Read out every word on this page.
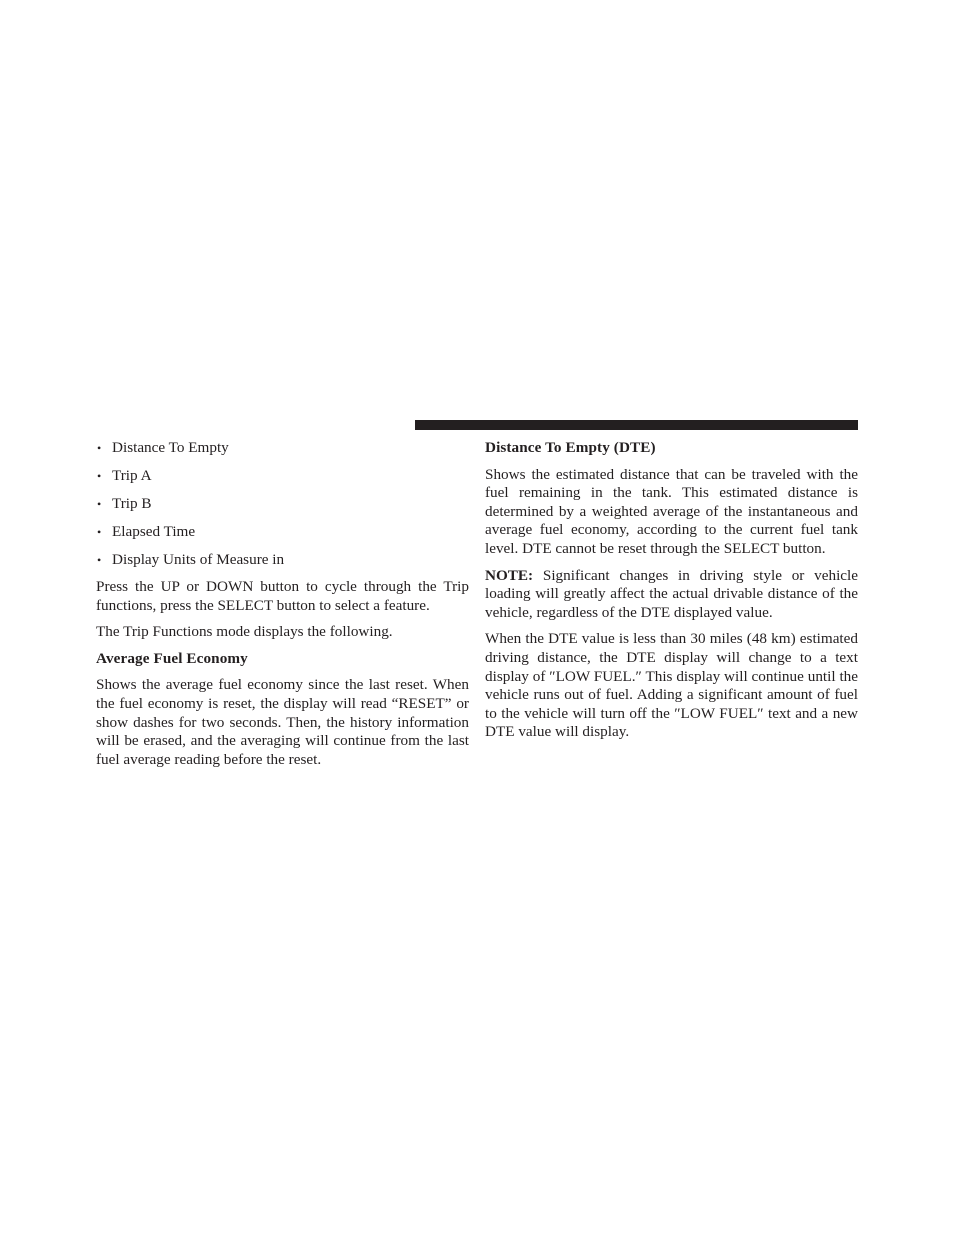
• Distance To Empty
• Trip A
• Trip B
• Elapsed Time
• Display Units of Measure in

Press the UP or DOWN button to cycle through the Trip functions, press the SELECT button to select a feature.

The Trip Functions mode displays the following.

Average Fuel Economy

Shows the average fuel economy since the last reset. When the fuel economy is reset, the display will read “RESET” or show dashes for two seconds. Then, the history information will be erased, and the averaging will continue from the last fuel average reading before the reset.

Distance To Empty (DTE)

Shows the estimated distance that can be traveled with the fuel remaining in the tank. This estimated distance is determined by a weighted average of the instantaneous and average fuel economy, according to the current fuel tank level. DTE cannot be reset through the SELECT button.

NOTE: Significant changes in driving style or vehicle loading will greatly affect the actual drivable distance of the vehicle, regardless of the DTE displayed value.

When the DTE value is less than 30 miles (48 km) estimated driving distance, the DTE display will change to a text display of ″LOW FUEL.″ This display will continue until the vehicle runs out of fuel. Adding a significant amount of fuel to the vehicle will turn off the ″LOW FUEL″ text and a new DTE value will display.
